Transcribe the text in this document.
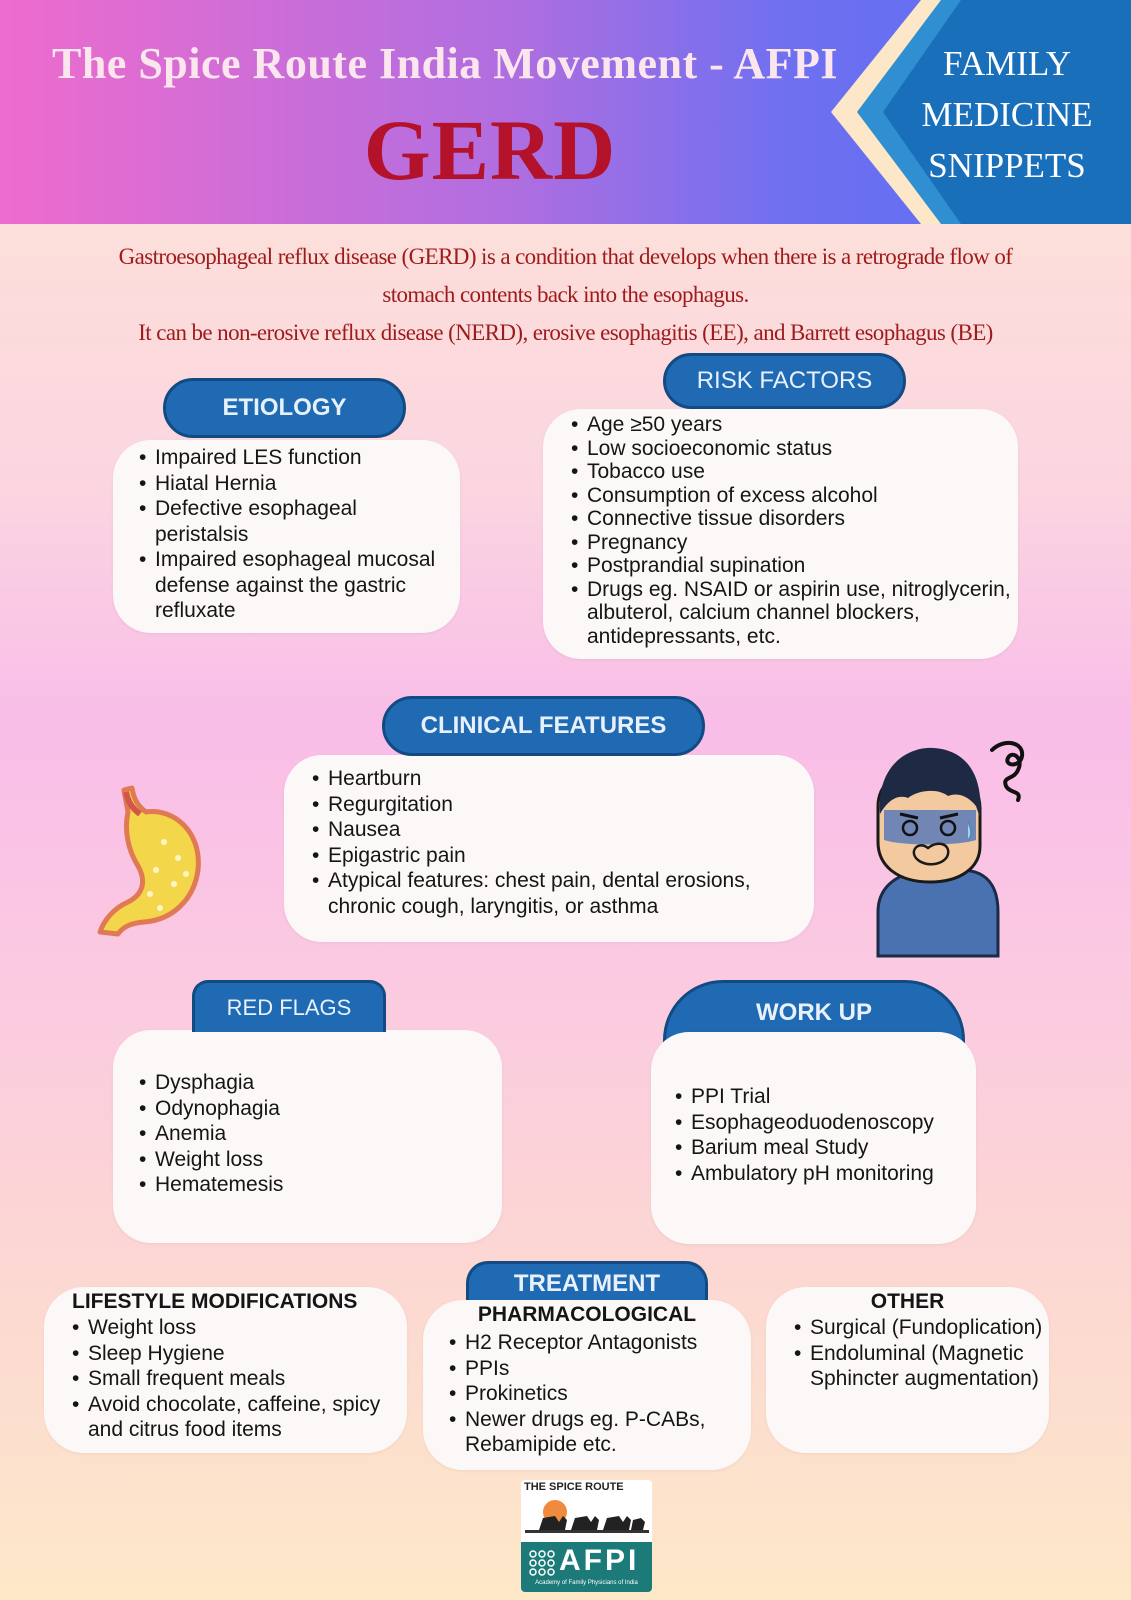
The Spice Route India Movement - AFPI
GERD
FAMILY
MEDICINE
SNIPPETS
Gastroesophageal reflux disease (GERD) is a condition that develops when there is a retrograde flow of
stomach contents back into the esophagus.
It can be non-erosive reflux disease (NERD), erosive esophagitis (EE), and Barrett esophagus (BE)
• Impaired LES function
• Hiatal Hernia
• Defective esophageal peristalsis
• Impaired esophageal mucosal defense against the gastric refluxate
ETIOLOGY
• Age ≥50 years
• Low socioeconomic status
• Tobacco use
• Consumption of excess alcohol
• Connective tissue disorders
• Pregnancy
• Postprandial supination
• Drugs eg. NSAID or aspirin use, nitroglycerin, albuterol, calcium channel blockers, antidepressants, etc.
RISK FACTORS
• Heartburn
• Regurgitation
• Nausea
• Epigastric pain
• Atypical features: chest pain, dental erosions, chronic cough, laryngitis, or asthma
CLINICAL FEATURES
• Dysphagia
• Odynophagia
• Anemia
• Weight loss
• Hematemesis
RED FLAGS	WORK UP
• PPI Trial
• Esophageoduodenoscopy
• Barium meal Study
• Ambulatory pH monitoring
TREATMENT
LIFESTYLE MODIFICATIONS
• Weight loss
• Sleep Hygiene
• Small frequent meals
• Avoid chocolate, caffeine, spicy and citrus food items
PHARMACOLOGICAL
• H2 Receptor Antagonists
• PPIs
• Prokinetics
• Newer drugs eg. P-CABs, Rebamipide etc.
OTHER
• Surgical (Fundoplication)
• Endoluminal (Magnetic Sphincter augmentation)
THE SPICE ROUTE
AFPI
Academy of Family Physicians of India
